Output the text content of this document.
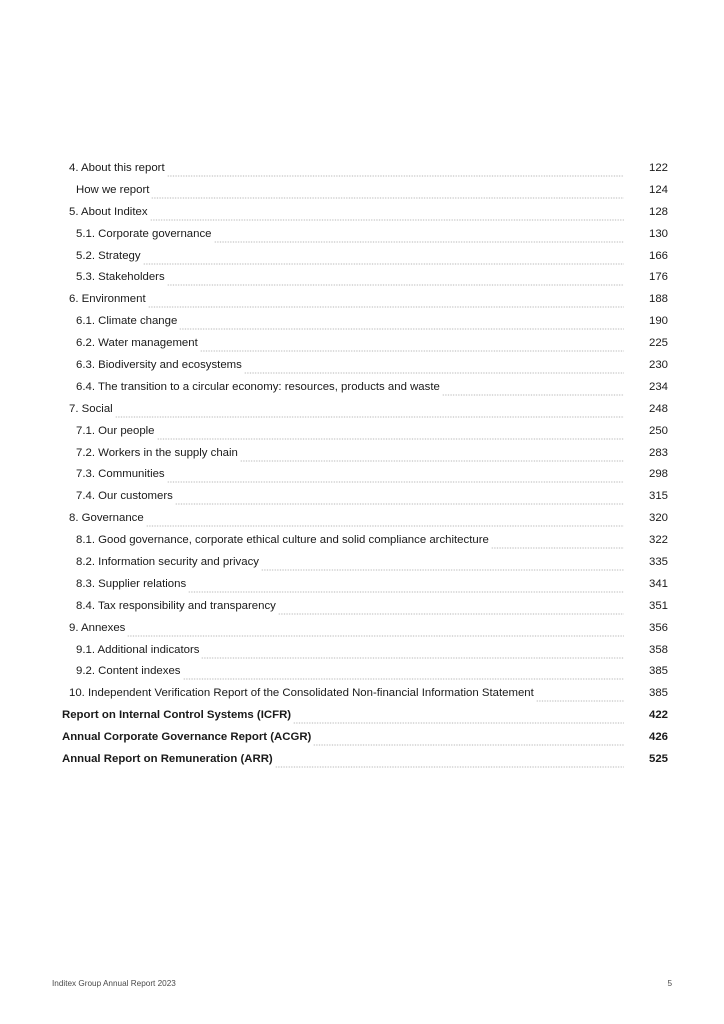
4. About this report	122
How we report	124
5. About Inditex	128
5.1. Corporate governance	130
5.2. Strategy	166
5.3. Stakeholders	176
6. Environment	188
6.1. Climate change	190
6.2. Water management	225
6.3. Biodiversity and ecosystems	230
6.4. The transition to a circular economy: resources, products and waste	234
7. Social	248
7.1. Our people	250
7.2. Workers in the supply chain	283
7.3. Communities	298
7.4. Our customers	315
8. Governance	320
8.1. Good governance, corporate ethical culture and solid compliance architecture	322
8.2. Information security and privacy	335
8.3. Supplier relations	341
8.4. Tax responsibility and transparency	351
9. Annexes	356
9.1. Additional indicators	358
9.2. Content indexes	385
10. Independent Verification Report of the Consolidated Non-financial Information Statement	385
Report on Internal Control Systems (ICFR)	422
Annual Corporate Governance Report (ACGR)	426
Annual Report on Remuneration (ARR)	525
Inditex Group Annual Report 2023	5
